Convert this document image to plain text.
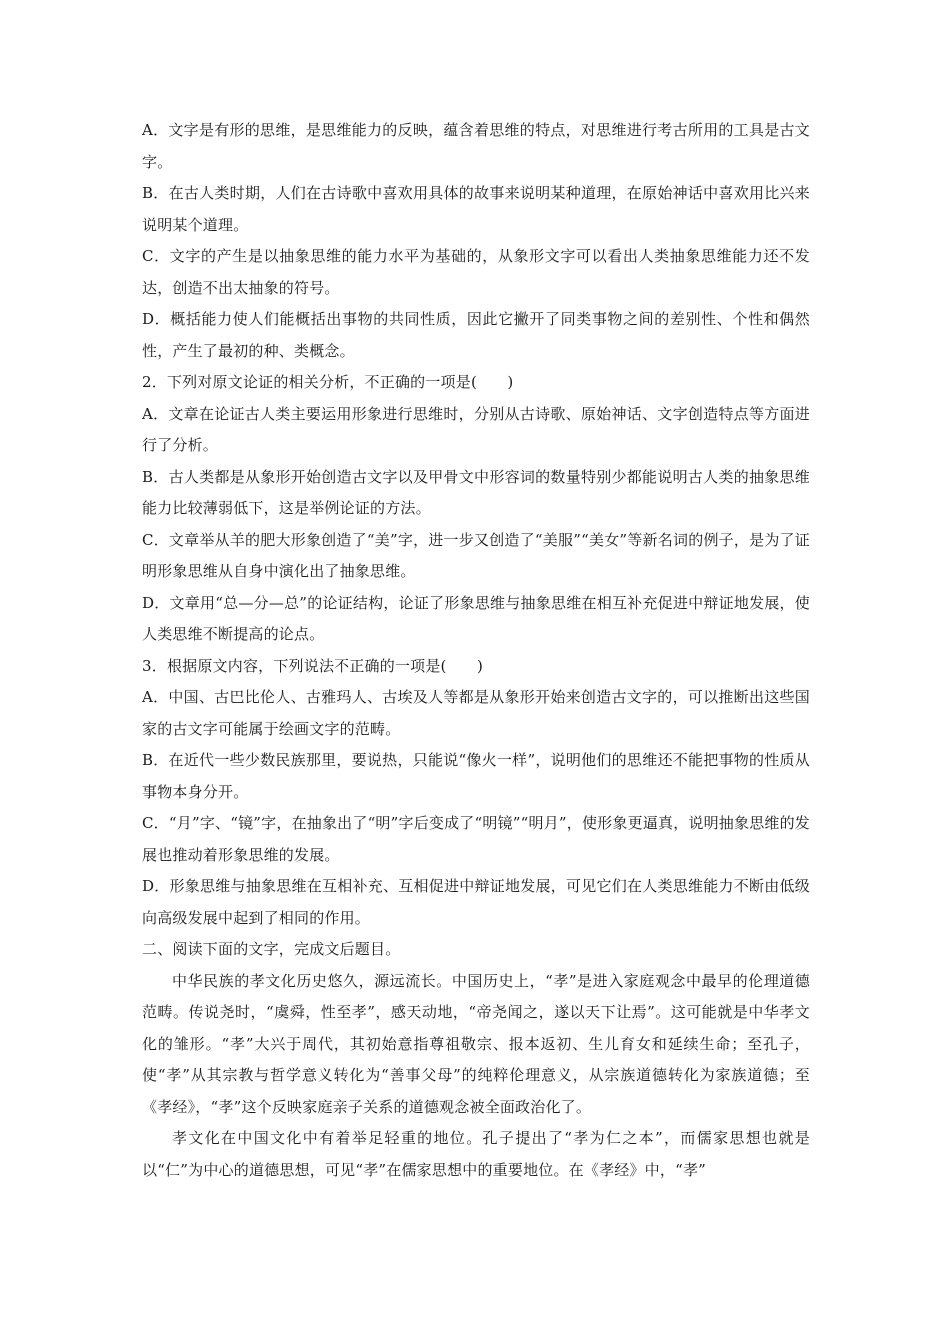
A．文字是有形的思维，是思维能力的反映，蕴含着思维的特点，对思维进行考古所用的工具是古文字。

B．在古人类时期，人们在古诗歌中喜欢用具体的故事来说明某种道理，在原始神话中喜欢用比兴来说明某个道理。

C．文字的产生是以抽象思维的能力水平为基础的，从象形文字可以看出人类抽象思维能力还不发达，创造不出太抽象的符号。

D．概括能力使人们能概括出事物的共同性质，因此它撇开了同类事物之间的差别性、个性和偶然性，产生了最初的种、类概念。

2．下列对原文论证的相关分析，不正确的一项是(　　)

A．文章在论证古人类主要运用形象进行思维时，分别从古诗歌、原始神话、文字创造特点等方面进行了分析。

B．古人类都是从象形开始创造古文字以及甲骨文中形容词的数量特别少都能说明古人类的抽象思维能力比较薄弱低下，这是举例论证的方法。

C．文章举从羊的肥大形象创造了“美”字，进一步又创造了“美服”“美女”等新名词的例子，是为了证明形象思维从自身中演化出了抽象思维。

D．文章用“总—分—总”的论证结构，论证了形象思维与抽象思维在相互补充促进中辩证地发展，使人类思维不断提高的论点。

3．根据原文内容，下列说法不正确的一项是(　　)

A．中国、古巴比伦人、古雅玛人、古埃及人等都是从象形开始来创造古文字的，可以推断出这些国家的古文字可能属于绘画文字的范畴。

B．在近代一些少数民族那里，要说热，只能说“像火一样”，说明他们的思维还不能把事物的性质从事物本身分开。

C．“月”字、“镜”字，在抽象出了“明”字后变成了“明镜”“明月”，使形象更逼真，说明抽象思维的发展也推动着形象思维的发展。

D．形象思维与抽象思维在互相补充、互相促进中辩证地发展，可见它们在人类思维能力不断由低级向高级发展中起到了相同的作用。

二、阅读下面的文字，完成文后题目。

中华民族的孝文化历史悠久，源远流长。中国历史上，“孝”是进入家庭观念中最早的伦理道德范畴。传说尧时，“虞舜，性至孝”，感天动地，“帝尧闻之，遂以天下让焉”。这可能就是中华孝文化的雏形。“孝”大兴于周代，其初始意指尊祖敬宗、报本返初、生儿育女和延续生命；至孔子，使“孝”从其宗教与哲学意义转化为“善事父母”的纯粹伦理意义，从宗族道德转化为家族道德；至《孝经》，“孝”这个反映家庭亲子关系的道德观念被全面政治化了。

孝文化在中国文化中有着举足轻重的地位。孔子提出了“孝为仁之本”，而儒家思想也就是以“仁”为中心的道德思想，可见“孝”在儒家思想中的重要地位。在《孝经》中，“孝”
